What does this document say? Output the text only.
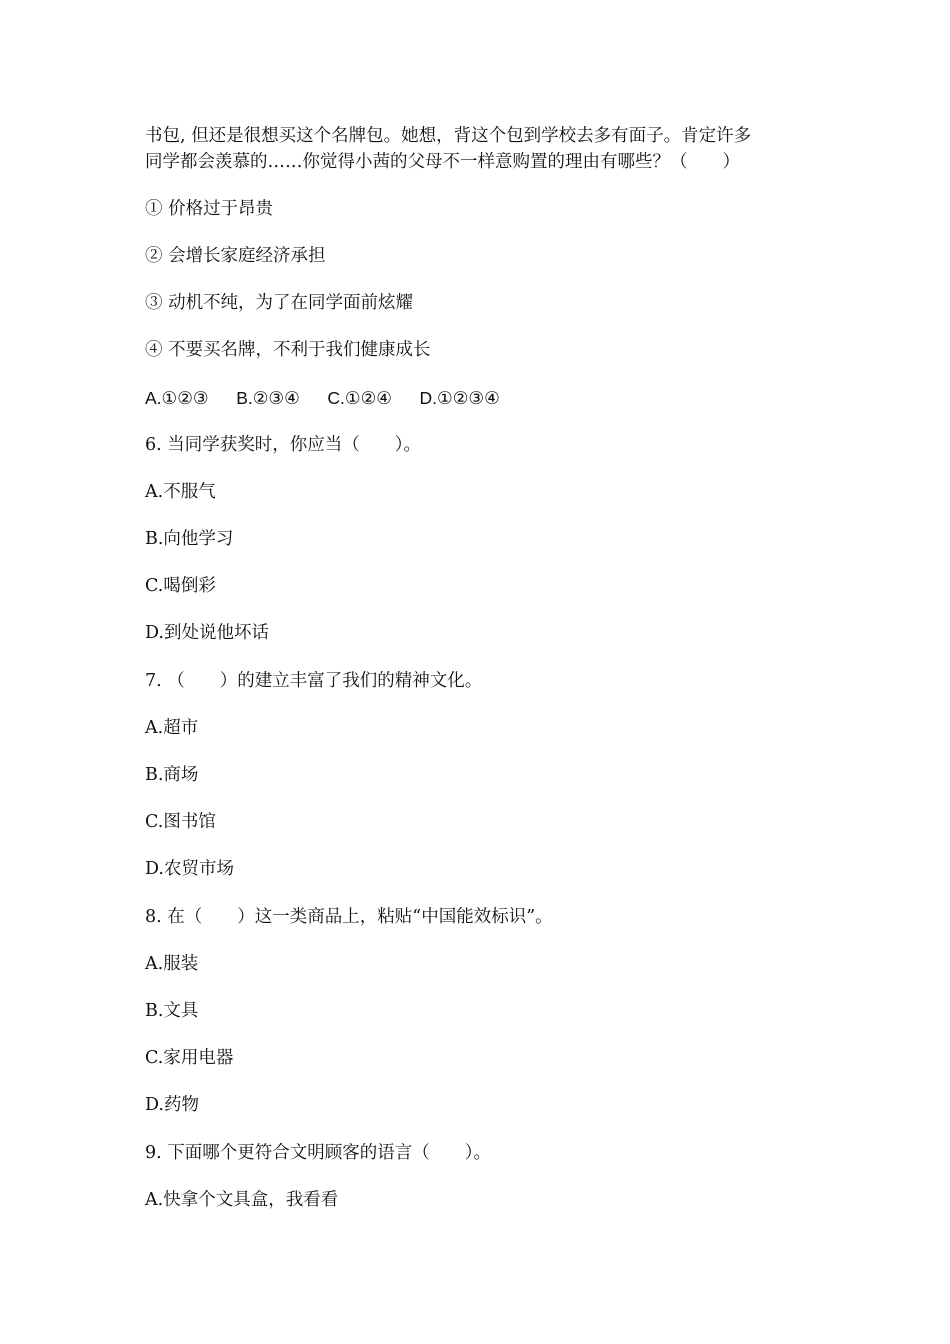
书包, 但还是很想买这个名牌包。她想，背这个包到学校去多有面子。肯定许多
同学都会羡慕的……你觉得小茜的父母不一样意购置的理由有哪些？（　　）
① 价格过于昂贵
② 会增长家庭经济承担
③ 动机不纯，为了在同学面前炫耀
④ 不要买名牌，不利于我们健康成长
A.①②③ B.②③④ C.①②④ D.①②③④
6. 当同学获奖时，你应当（　　）。
A.不服气
B.向他学习
C.喝倒彩
D.到处说他坏话
7. （　　）的建立丰富了我们的精神文化。
A.超市
B.商场
C.图书馆
D.农贸市场
8. 在（　　）这一类商品上，粘贴“中国能效标识”。
A.服装
B.文具
C.家用电器
D.药物
9. 下面哪个更符合文明顾客的语言（　　）。
A.快拿个文具盒，我看看
